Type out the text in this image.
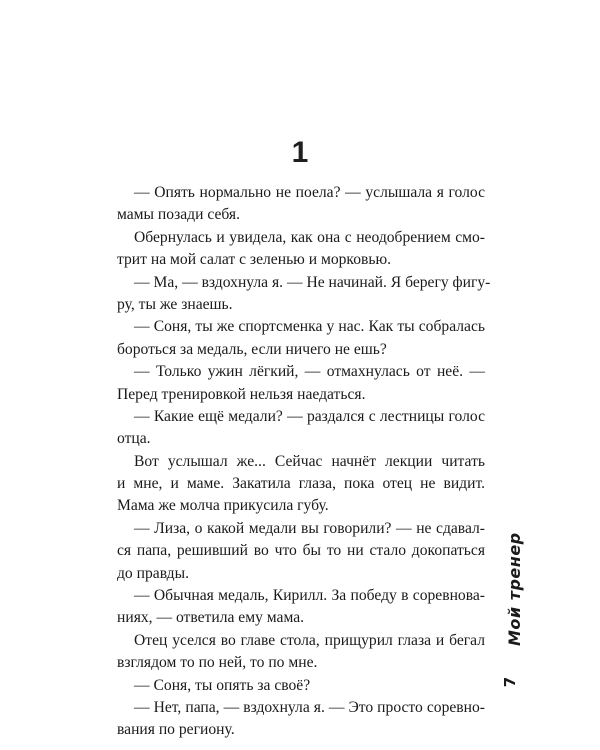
1
— Опять нормально не поела? — услышала я голос
мамы позади себя.
Обернулась и увидела, как она с неодобрением смо-
трит на мой салат с зеленью и морковью.
— Ма, — вздохнула я. — Не начинай. Я берегу фигу-
ру, ты же знаешь.
— Соня, ты же спортсменка у нас. Как ты собралась
бороться за медаль, если ничего не ешь?
— Только ужин лёгкий, — отмахнулась от неё. —
Перед тренировкой нельзя наедаться.
— Какие ещё медали? — раздался с лестницы голос
отца.
Вот услышал же... Сейчас начнёт лекции читать
и мне, и маме. Закатила глаза, пока отец не видит.
Мама же молча прикусила губу.
— Лиза, о какой медали вы говорили? — не сдавал-
ся папа, решивший во что бы то ни стало докопаться
до правды.
— Обычная медаль, Кирилл. За победу в соревнова-
ниях, — ответила ему мама.
Отец уселся во главе стола, прищурил глаза и бегал
взглядом то по ней, то по мне.
— Соня, ты опять за своё?
— Нет, папа, — вздохнула я. — Это просто соревно-
вания по региону.
Мой тренер
7
